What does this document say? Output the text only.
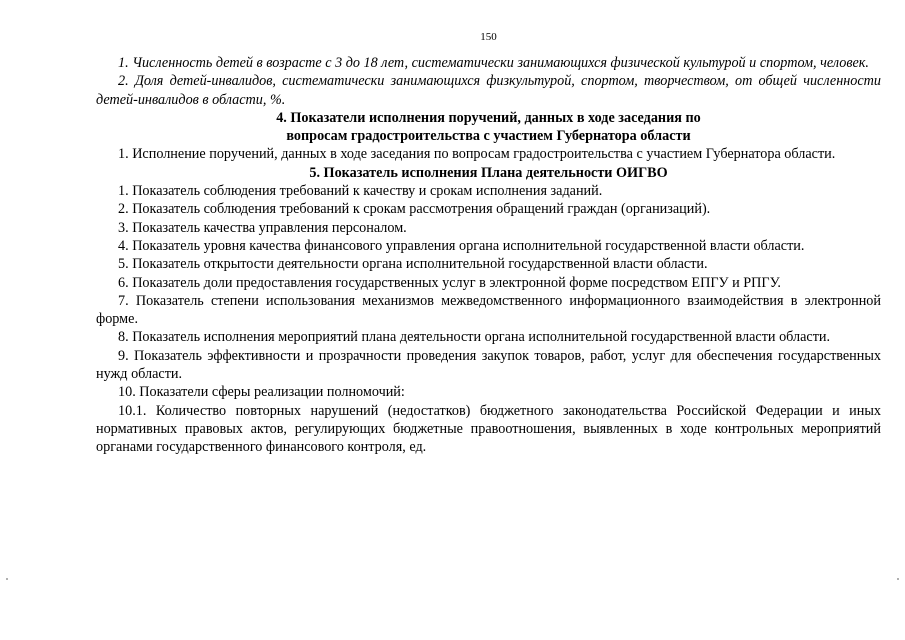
150

1. Численность детей в возрасте с 3 до 18 лет, систематически занимающихся физической культурой и спортом, человек.

2. Доля детей-инвалидов, систематически занимающихся физкультурой, спортом, творчеством, от общей численности детей-инвалидов в области, %.

4. Показатели исполнения поручений, данных в ходе заседания по

вопросам градостроительства с участием Губернатора области

1. Исполнение поручений, данных в ходе заседания по вопросам градостроительства с участием Губернатора области.

5. Показатель исполнения Плана деятельности ОИГВО

1. Показатель соблюдения требований к качеству и срокам исполнения заданий.

2. Показатель соблюдения требований к срокам рассмотрения обращений граждан (организаций).

3. Показатель качества управления персоналом.

4. Показатель уровня качества финансового управления органа исполнительной государственной власти области.

5. Показатель открытости деятельности органа исполнительной государственной власти области.

6. Показатель доли предоставления государственных услуг в электронной форме посредством ЕПГУ и РПГУ.

7. Показатель степени использования механизмов межведомственного информационного взаимодействия в электронной форме.

8. Показатель исполнения мероприятий плана деятельности органа исполнительной государственной власти области.

9. Показатель эффективности и прозрачности проведения закупок товаров, работ, услуг для обеспечения государственных нужд области.

10. Показатели сферы реализации полномочий:

10.1. Количество повторных нарушений (недостатков) бюджетного законодательства Российской Федерации и иных нормативных правовых актов, регулирующих бюджетные правоотношения, выявленных в ходе контрольных мероприятий органами государственного финансового контроля, ед.
